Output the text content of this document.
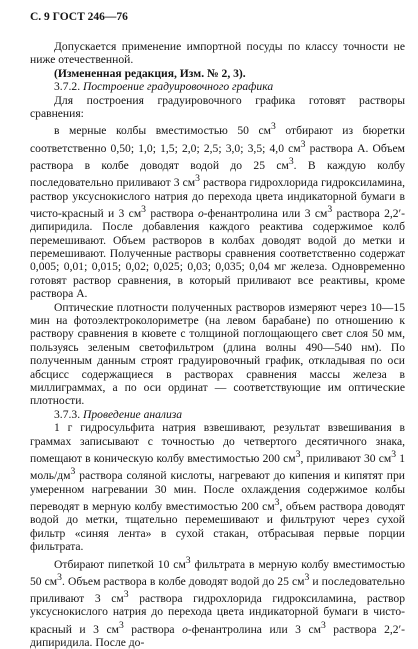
С. 9 ГОСТ 246—76

Допускается применение импортной посуды по классу точности не ниже отечественной.

(Измененная редакция, Изм. № 2, 3).

3.7.2. Построение градуировочного графика

Для построения градуировочного графика готовят растворы сравнения:

в мерные колбы вместимостью 50 $см^3$ отбирают из бюретки соответственно 0,50; 1,0; 1,5; 2,0; 2,5; 3,0; 3,5; 4,0 $см^3$ раствора А. Объем раствора в колбе доводят водой до 25 $см^3$. В каждую колбу последовательно приливают 3 $см^3$ раствора гидрохлорида гидроксиламина, раствор уксуснокислого натрия до перехода цвета индикаторной бумаги в чисто-красный и 3 $см^3$ раствора о-фенантролина или 3 $см^3$ раствора 2,2′-дипиридила. После добавления каждого реактива содержимое колб перемешивают. Объем растворов в колбах доводят водой до метки и перемешивают. Полученные растворы сравнения соответственно содержат 0,005; 0,01; 0,015; 0,02; 0,025; 0,03; 0,035; 0,04 мг железа. Одновременно готовят раствор сравнения, в который приливают все реактивы, кроме раствора А.

Оптические плотности полученных растворов измеряют через 10—15 мин на фотоэлектроколориметре (на левом барабане) по отношению к раствору сравнения в кювете с толщиной поглощающего свет слоя 50 мм, пользуясь зеленым светофильтром (длина волны 490—540 нм). По полученным данным строят градуировочный график, откладывая по оси абсцисс содержащиеся в растворах сравнения массы железа в миллиграммах, а по оси ординат — соответствующие им оптические плотности.

3.7.3. Проведение анализа

1 г гидросульфита натрия взвешивают, результат взвешивания в граммах записывают с точностью до четвертого десятичного знака, помещают в коническую колбу вместимостью 200 $см^3$, приливают 30 $см^3$ 1 моль/$дм^3$ раствора соляной кислоты, нагревают до кипения и кипятят при умеренном нагревании 30 мин. После охлаждения содержимое колбы переводят в мерную колбу вместимостью 200 $см^3$, объем раствора доводят водой до метки, тщательно перемешивают и фильтруют через сухой фильтр «синяя лента» в сухой стакан, отбрасывая первые порции фильтрата.

Отбирают пипеткой 10 $см^3$ фильтрата в мерную колбу вместимостью 50 $см^3$. Объем раствора в колбе доводят водой до 25 $см^3$ и последовательно приливают 3 $см^3$ раствора гидрохлорида гидроксиламина, раствор уксуснокислого натрия до перехода цвета индикаторной бумаги в чисто-красный и 3 $см^3$ раствора о-фенантролина или 3 $см^3$ раствора 2,2′-дипиридила. После до-
